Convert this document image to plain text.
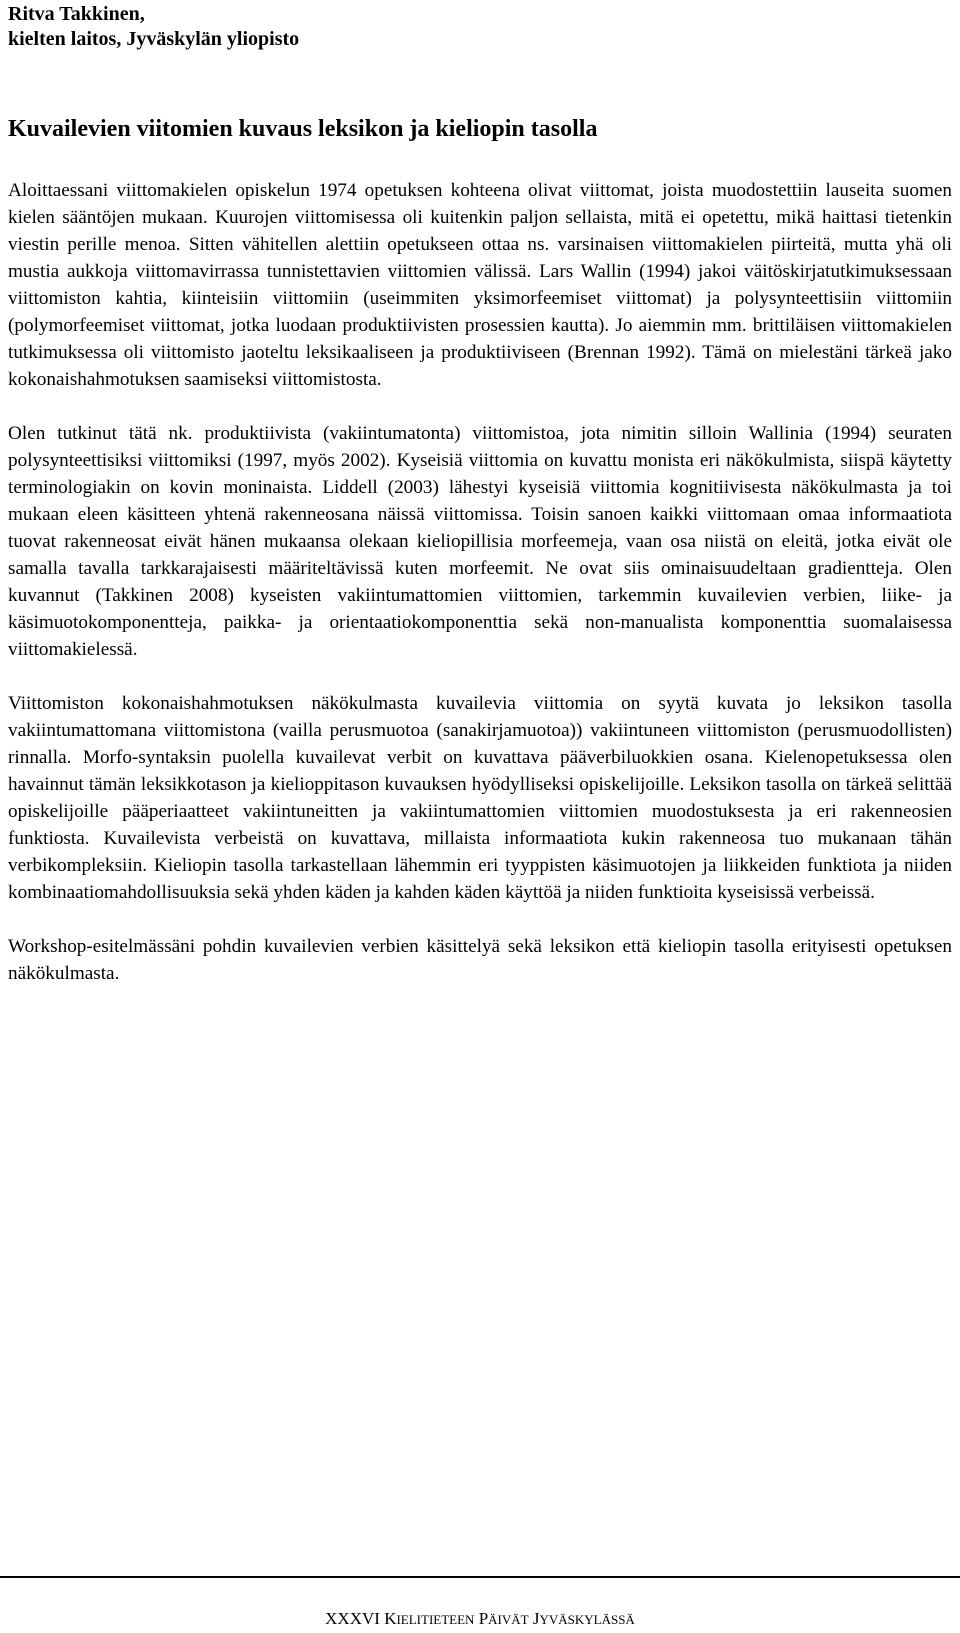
Ritva Takkinen,
kielten laitos, Jyväskylän yliopisto
Kuvailevien viitomien kuvaus leksikon ja kieliopin tasolla

Aloittaessani viittomakielen opiskelun 1974 opetuksen kohteena olivat viittomat, joista muodostettiin lauseita suomen kielen sääntöjen mukaan. Kuurojen viittomisessa oli kuitenkin paljon sellaista, mitä ei opetettu, mikä haittasi tietenkin viestin perille menoa. Sitten vähitellen alettiin opetukseen ottaa ns. varsinaisen viittomakielen piirteitä, mutta yhä oli mustia aukkoja viittomavirrassa tunnistettavien viittomien välissä. Lars Wallin (1994) jakoi väitöskirjatutkimuksessaan viittomiston kahtia, kiinteisiin viittomiin (useimmiten yksimorfeemiset viittomat) ja polysynteettisiin viittomiin (polymorfeemiset viittomat, jotka luodaan produktiivisten prosessien kautta). Jo aiemmin mm. brittiläisen viittomakielen tutkimuksessa oli viittomisto jaoteltu leksikaaliseen ja produktiiviseen (Brennan 1992). Tämä on mielestäni tärkeä jako kokonaishahmotuksen saamiseksi viittomistosta.

Olen tutkinut tätä nk. produktiivista (vakiintumatonta) viittomistoa, jota nimitin silloin Wallinia (1994) seuraten polysynteettisiksi viittomiksi (1997, myös 2002). Kyseisiä viittomia on kuvattu monista eri näkökulmista, siispä käytetty terminologiakin on kovin moninaista. Liddell (2003) lähestyi kyseisiä viittomia kognitiivisesta näkökulmasta ja toi mukaan eleen käsitteen yhtenä rakenneosana näissä viittomissa. Toisin sanoen kaikki viittomaan omaa informaatiota tuovat rakenneosat eivät hänen mukaansa olekaan kieliopillisia morfeemeja, vaan osa niistä on eleitä, jotka eivät ole samalla tavalla tarkkarajaisesti määriteltävissä kuten morfeemit. Ne ovat siis ominaisuudeltaan gradientteja. Olen kuvannut (Takkinen 2008) kyseisten vakiintumattomien viittomien, tarkemmin kuvailevien verbien, liike- ja käsimuotokomponentteja, paikka- ja orientaatiokomponenttia sekä non-manualista komponenttia suomalaisessa viittomakielessä.

Viittomiston kokonaishahmotuksen näkökulmasta kuvailevia viittomia on syytä kuvata jo leksikon tasolla vakiintumattomana viittomistona (vailla perusmuotoa (sanakirjamuotoa)) vakiintuneen viittomiston (perusmuodollisten) rinnalla. Morfo-syntaksin puolella kuvailevat verbit on kuvattava pääverbiluokkien osana. Kielenopetuksessa olen havainnut tämän leksikkotason ja kielioppitason kuvauksen hyödylliseksi opiskelijoille. Leksikon tasolla on tärkeä selittää opiskelijoille pääperiaatteet vakiintuneitten ja vakiintumattomien viittomien muodostuksesta ja eri rakenneosien funktiosta. Kuvailevista verbeistä on kuvattava, millaista informaatiota kukin rakenneosa tuo mukanaan tähän verbikompleksiin. Kieliopin tasolla tarkastellaan lähemmin eri tyyppisten käsimuotojen ja liikkeiden funktiota ja niiden kombinaatiomahdollisuuksia sekä yhden käden ja kahden käden käyttöä ja niiden funktioita kyseisissä verbeissä.

Workshop-esitelmässäni pohdin kuvailevien verbien käsittelyä sekä leksikon että kieliopin tasolla erityisesti opetuksen näkökulmasta.

XXXVI KIELITIETEEN PÄIVÄT JYVÄSKYLÄSSÄ
